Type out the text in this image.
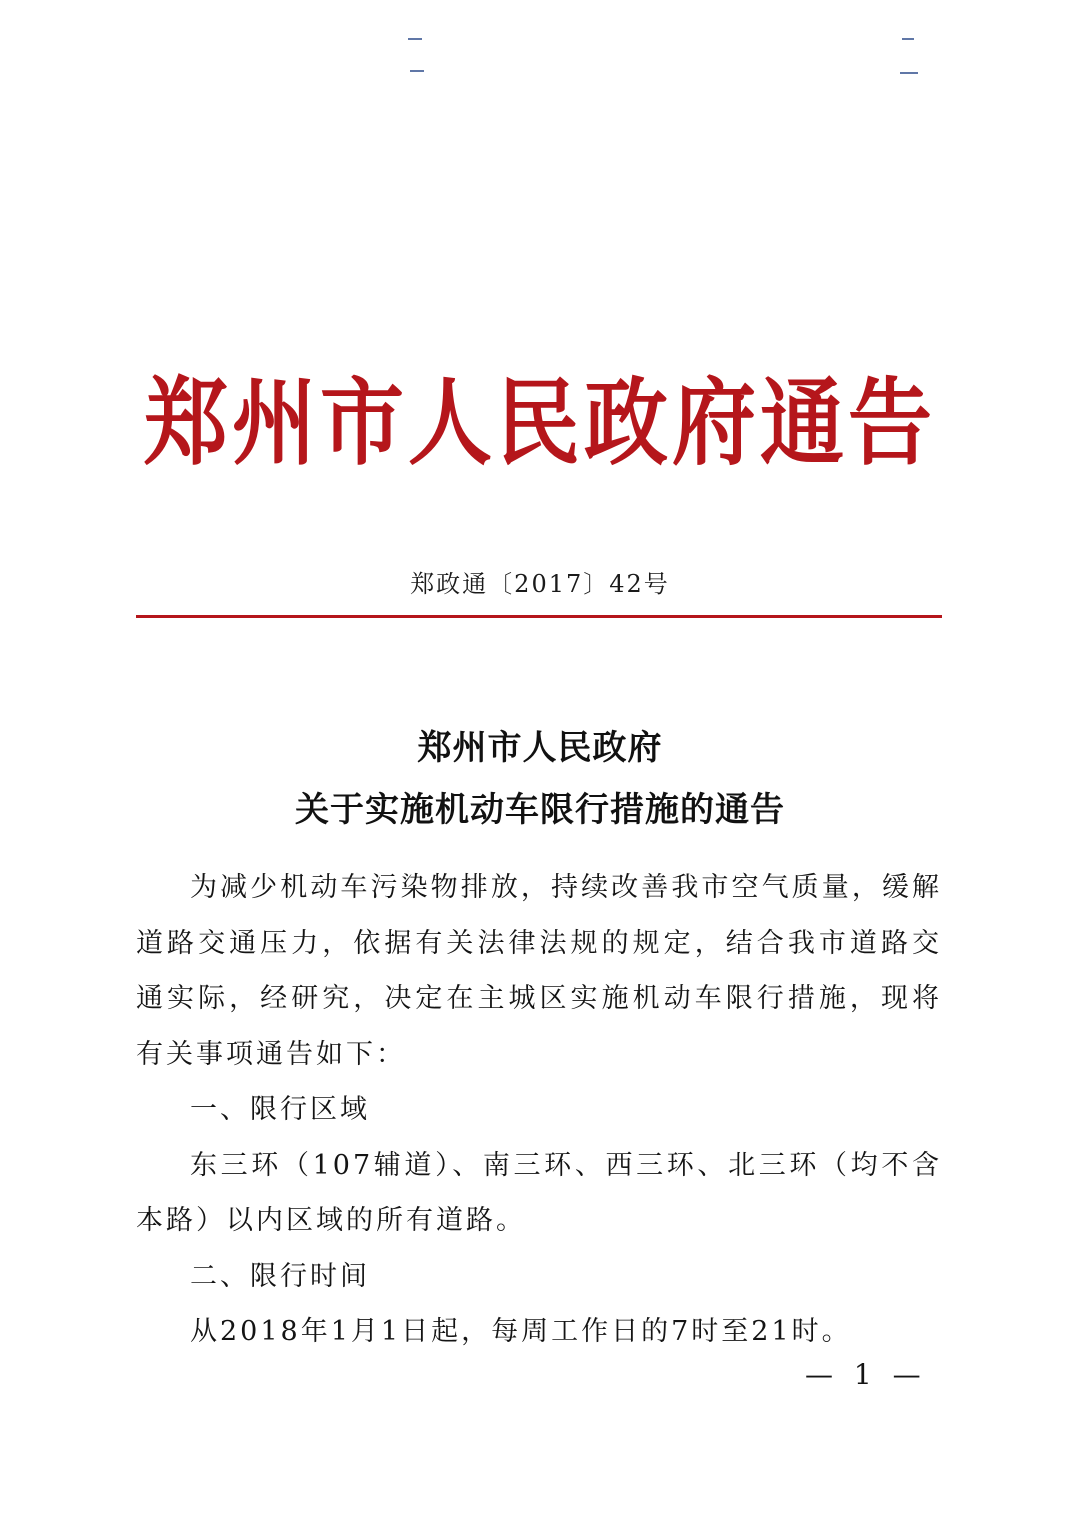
郑州市人民政府通告
郑政通〔2017〕42号
郑州市人民政府
关于实施机动车限行措施的通告

为减少机动车污染物排放，持续改善我市空气质量，缓解道路交通压力，依据有关法律法规的规定，结合我市道路交通实际，经研究，决定在主城区实施机动车限行措施，现将有关事项通告如下：

一、限行区域

东三环（107辅道）、南三环、西三环、北三环（均不含本路）以内区域的所有道路。

二、限行时间

从2018年1月1日起，每周工作日的7时至21时。

— 1 —
